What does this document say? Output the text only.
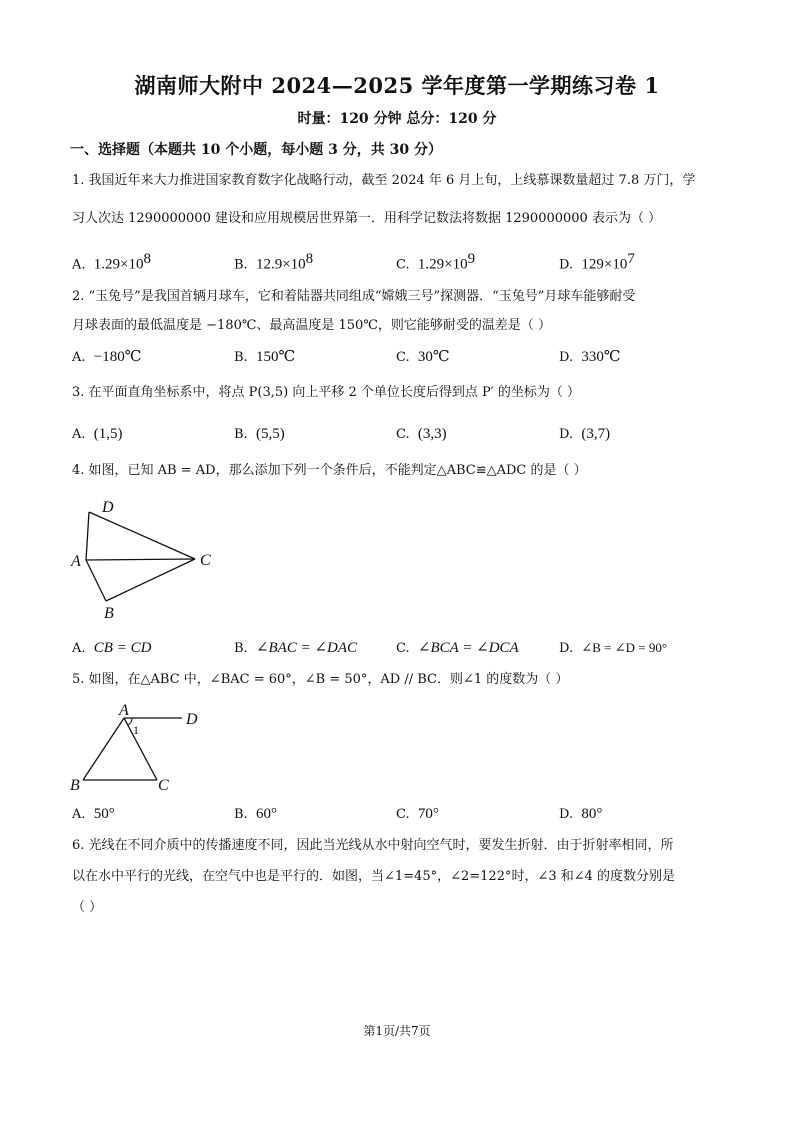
湖南师大附中 2024—2025 学年度第一学期练习卷 1
时量：120 分钟 总分：120 分
一、选择题（本题共 10 个小题，每小题 3 分，共 30 分）
1. 我国近年来大力推进国家教育数字化战略行动，截至 2024 年 6 月上旬，上线慕课数量超过 7.8 万门，学
习人次达 1290000000 建设和应用规模居世界第一．用科学记数法将数据 1290000000 表示为（ ）
A. $1.29\times 10^8$	B. $12.9\times 10^8$	C. $1.29\times 10^9$	D. $129\times 10^7$
2. “玉兔号”是我国首辆月球车，它和着陆器共同组成“嫦娥三号”探测器．“玉兔号”月球车能够耐受
月球表面的最低温度是 −180℃、最高温度是 150℃，则它能够耐受的温差是（ ）
A. −180℃	B. 150℃	C. 30℃	D. 330℃
3. 在平面直角坐标系中，将点 P(3,5) 向上平移 2 个单位长度后得到点 P′ 的坐标为（ ）
A. (1,5)	B. (5,5)	C. (3,3)	D. (3,7)
4. 如图，已知 AB = AD，那么添加下列一个条件后，不能判定△ABC≌△ADC 的是（ ）
D
A	C
B
A. CB = CD	B. ∠BAC = ∠DAC	C. ∠BCA = ∠DCA	D. ∠B = ∠D = 90°
5. 如图，在△ABC 中，∠BAC = 60°，∠B = 50°，AD // BC．则∠1 的度数为（ ）
A
1
D
B	C
A. 50°	B. 60°	C. 70°	D. 80°
6. 光线在不同介质中的传播速度不同，因此当光线从水中射向空气时，要发生折射．由于折射率相同，所
以在水中平行的光线，在空气中也是平行的．如图，当∠1=45°，∠2=122°时，∠3 和∠4 的度数分别是
（ ）
第1页/共7页
